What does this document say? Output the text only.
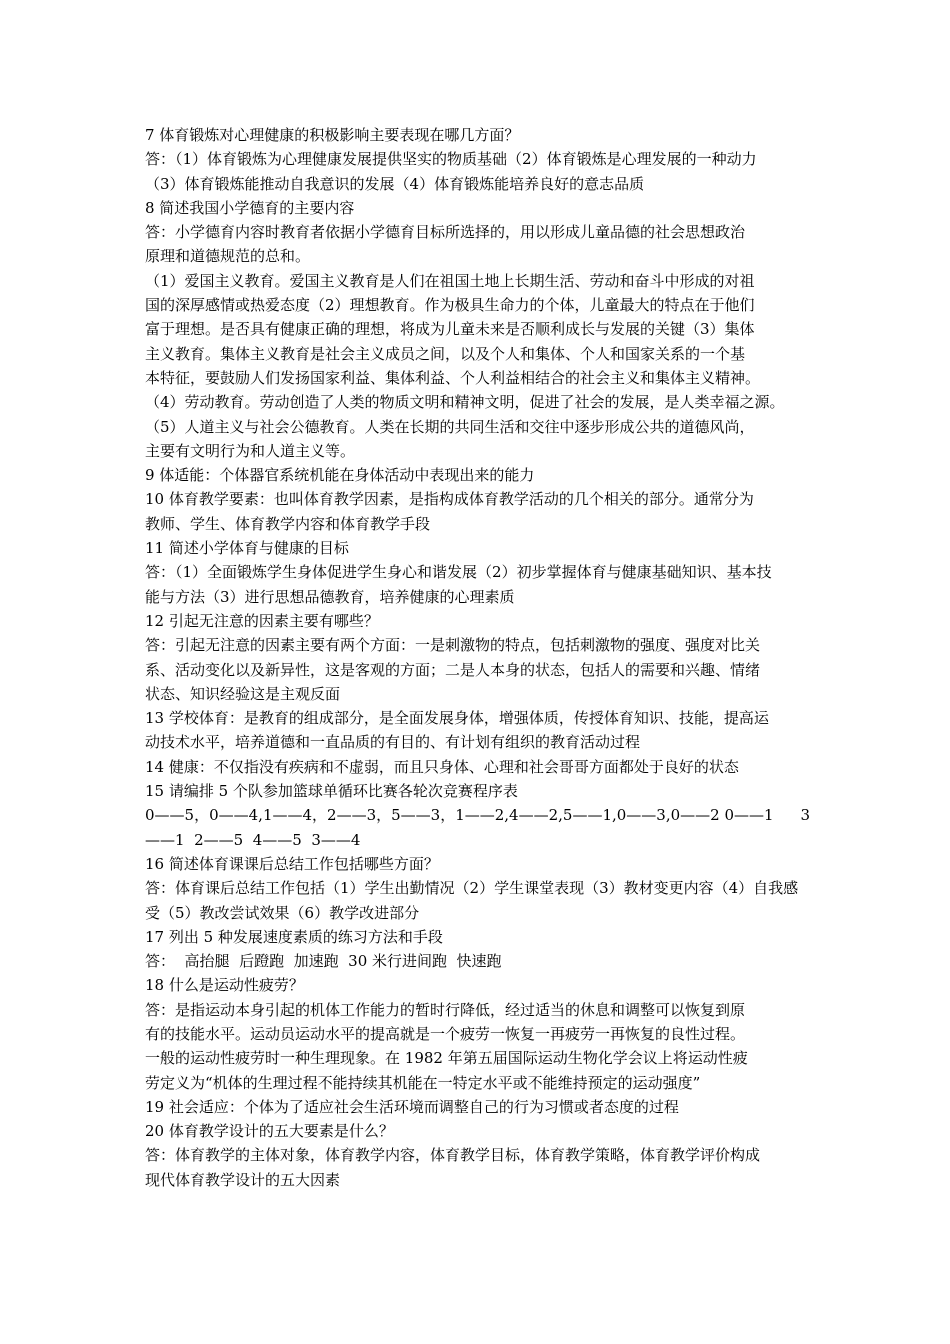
7 体育锻炼对心理健康的积极影响主要表现在哪几方面？

答：（1）体育锻炼为心理健康发展提供坚实的物质基础（2）体育锻炼是心理发展的一种动力

（3）体育锻炼能推动自我意识的发展（4）体育锻炼能培养良好的意志品质

8 简述我国小学德育的主要内容

答：小学德育内容时教育者依据小学德育目标所选择的，用以形成儿童品德的社会思想政治

原理和道德规范的总和。

（1）爱国主义教育。爱国主义教育是人们在祖国土地上长期生活、劳动和奋斗中形成的对祖

国的深厚感情或热爱态度（2）理想教育。作为极具生命力的个体，儿童最大的特点在于他们

富于理想。是否具有健康正确的理想，将成为儿童未来是否顺利成长与发展的关键（3）集体

主义教育。集体主义教育是社会主义成员之间，以及个人和集体、个人和国家关系的一个基

本特征，要鼓励人们发扬国家利益、集体利益、个人利益相结合的社会主义和集体主义精神。

（4）劳动教育。劳动创造了人类的物质文明和精神文明，促进了社会的发展，是人类幸福之源。

（5）人道主义与社会公德教育。人类在长期的共同生活和交往中逐步形成公共的道德风尚，

主要有文明行为和人道主义等。

9 体适能：个体器官系统机能在身体活动中表现出来的能力

10 体育教学要素：也叫体育教学因素，是指构成体育教学活动的几个相关的部分。通常分为

教师、学生、体育教学内容和体育教学手段

11 简述小学体育与健康的目标

答：（1）全面锻炼学生身体促进学生身心和谐发展（2）初步掌握体育与健康基础知识、基本技

能与方法（3）进行思想品德教育，培养健康的心理素质

12 引起无注意的因素主要有哪些？

答：引起无注意的因素主要有两个方面：一是刺激物的特点，包括刺激物的强度、强度对比关

系、活动变化以及新异性，这是客观的方面；二是人本身的状态，包括人的需要和兴趣、情绪

状态、知识经验这是主观反面

13 学校体育：是教育的组成部分，是全面发展身体，增强体质，传授体育知识、技能，提高运

动技术水平，培养道德和一直品质的有目的、有计划有组织的教育活动过程

14 健康：不仅指没有疾病和不虚弱，而且只身体、心理和社会哥哥方面都处于良好的状态

15 请编排 5 个队参加篮球单循环比赛各轮次竞赛程序表

0——5，0——4,1——4，2——3，5——3，1——2,4——2,5——1,0——3,0——2 0——1 3

——1  2——5  4——5  3——4

16 简述体育课课后总结工作包括哪些方面？

答：体育课后总结工作包括（1）学生出勤情况（2）学生课堂表现（3）教材变更内容（4）自我感

受（5）教改尝试效果（6）教学改进部分

17 列出 5 种发展速度素质的练习方法和手段

答：  高抬腿  后蹬跑  加速跑  30 米行进间跑  快速跑

18 什么是运动性疲劳？

答：是指运动本身引起的机体工作能力的暂时行降低，经过适当的休息和调整可以恢复到原

有的技能水平。运动员运动水平的提高就是一个疲劳一恢复一再疲劳一再恢复的良性过程。

一般的运动性疲劳时一种生理现象。在 1982 年第五届国际运动生物化学会议上将运动性疲

劳定义为“机体的生理过程不能持续其机能在一特定水平或不能维持预定的运动强度”

19 社会适应：个体为了适应社会生活环境而调整自己的行为习惯或者态度的过程

20 体育教学设计的五大要素是什么？

答：体育教学的主体对象，体育教学内容，体育教学目标，体育教学策略，体育教学评价构成

现代体育教学设计的五大因素
